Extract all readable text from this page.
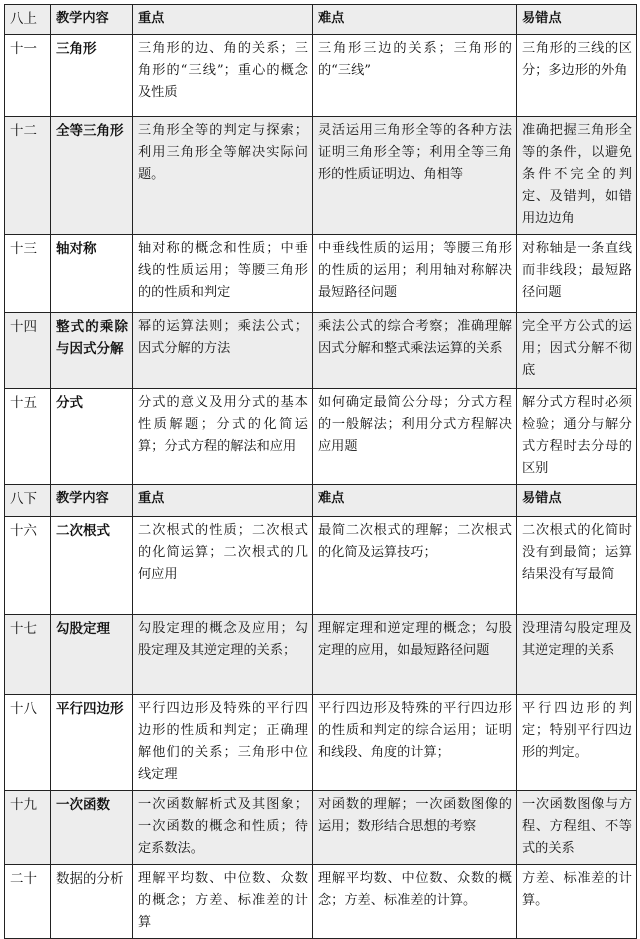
八上	教学内容	重点	难点	易错点
十一	三角形	三角形的边、角的关系；三角形的“三线”；重心的概念及性质	三角形三边的关系；三角形的的“三线”	三角形的三线的区分；多边形的外角
十二	全等三角形	三角形全等的判定与探索；利用三角形全等解决实际问题。	灵活运用三角形全等的各种方法证明三角形全等；利用全等三角形的性质证明边、角相等	准确把握三角形全等的条件，以避免条件不完全的判定、及错判，如错用边边角
十三	轴对称	轴对称的概念和性质；中垂线的性质运用；等腰三角形的的性质和判定	中垂线性质的运用；等腰三角形的性质的运用；利用轴对称解决最短路径问题	对称轴是一条直线而非线段；最短路径问题
十四	整式的乘除与因式分解	幂的运算法则；乘法公式；因式分解的方法	乘法公式的综合考察；准确理解因式分解和整式乘法运算的关系	完全平方公式的运用；因式分解不彻底
十五	分式	分式的意义及用分式的基本性质解题；分式的化简运算；分式方程的解法和应用	如何确定最简公分母；分式方程的一般解法；利用分式方程解决应用题	解分式方程时必须检验；通分与解分式方程时去分母的区别
八下	教学内容	重点	难点	易错点
十六	二次根式	二次根式的性质；二次根式的化简运算；二次根式的几何应用	最简二次根式的理解；二次根式的化简及运算技巧；	二次根式的化简时没有到最简；运算结果没有写最简
十七	勾股定理	勾股定理的概念及应用；勾股定理及其逆定理的关系；	理解定理和逆定理的概念；勾股定理的应用，如最短路径问题	没理清勾股定理及其逆定理的关系
十八	平行四边形	平行四边形及特殊的平行四边形的性质和判定；正确理解他们的关系；三角形中位线定理	平行四边形及特殊的平行四边形的性质和判定的综合运用；证明和线段、角度的计算；	平行四边形的判定；特别平行四边形的判定。
十九	一次函数	一次函数解析式及其图象；一次函数的概念和性质；待定系数法。	对函数的理解；一次函数图像的运用；数形结合思想的考察	一次函数图像与方程、方程组、不等式的关系
二十	数据的分析	理解平均数、中位数、众数的概念；方差、标准差的计算	理解平均数、中位数、众数的概念；方差、标准差的计算。	方差、标准差的计算。
